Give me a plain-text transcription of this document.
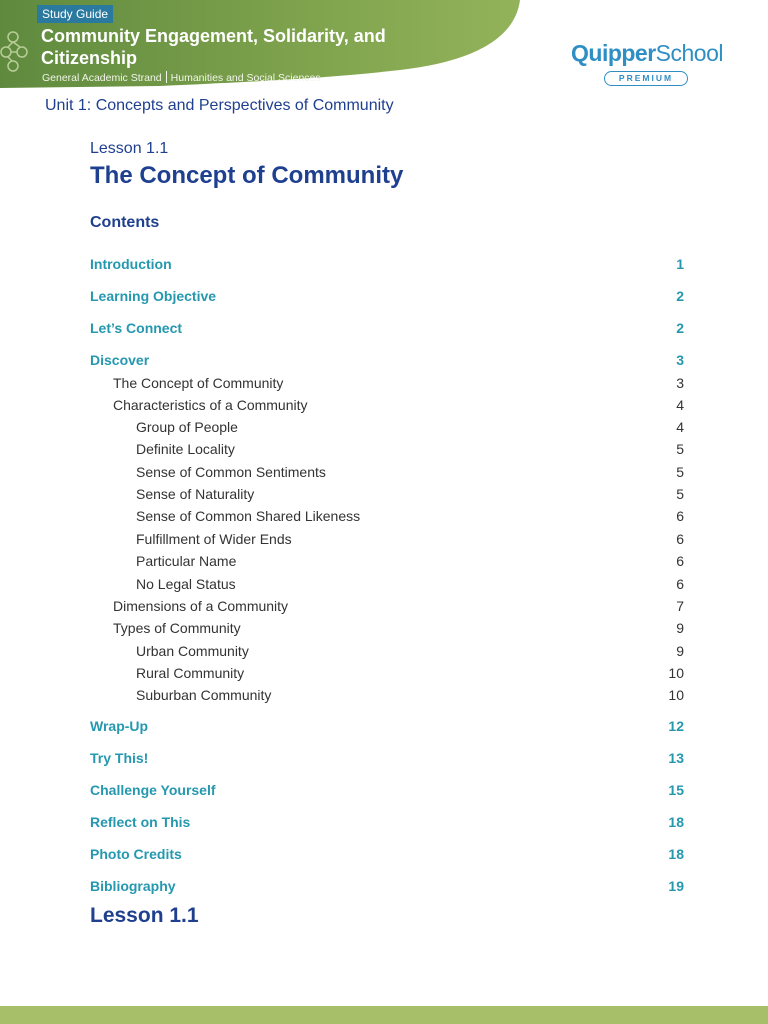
Study Guide
Community Engagement, Solidarity, and Citizenship
General Academic Strand Humanities and Social Sciences
QuipperSchool
PREMIUM
Unit 1: Concepts and Perspectives of Community
Lesson 1.1
The Concept of Community
Contents
Introduction	1
Learning Objective	2
Let’s Connect	2
Discover	3
The Concept of Community	3
Characteristics of a Community	4
Group of People	4
Definite Locality	5
Sense of Common Sentiments	5
Sense of Naturality	5
Sense of Common Shared Likeness	6
Fulfillment of Wider Ends	6
Particular Name	6
No Legal Status	6
Dimensions of a Community	7
Types of Community	9
Urban Community	9
Rural Community	10
Suburban Community	10
Wrap-Up	12
Try This!	13
Challenge Yourself	15
Reflect on This	18
Photo Credits	18
Bibliography	19
Lesson 1.1
